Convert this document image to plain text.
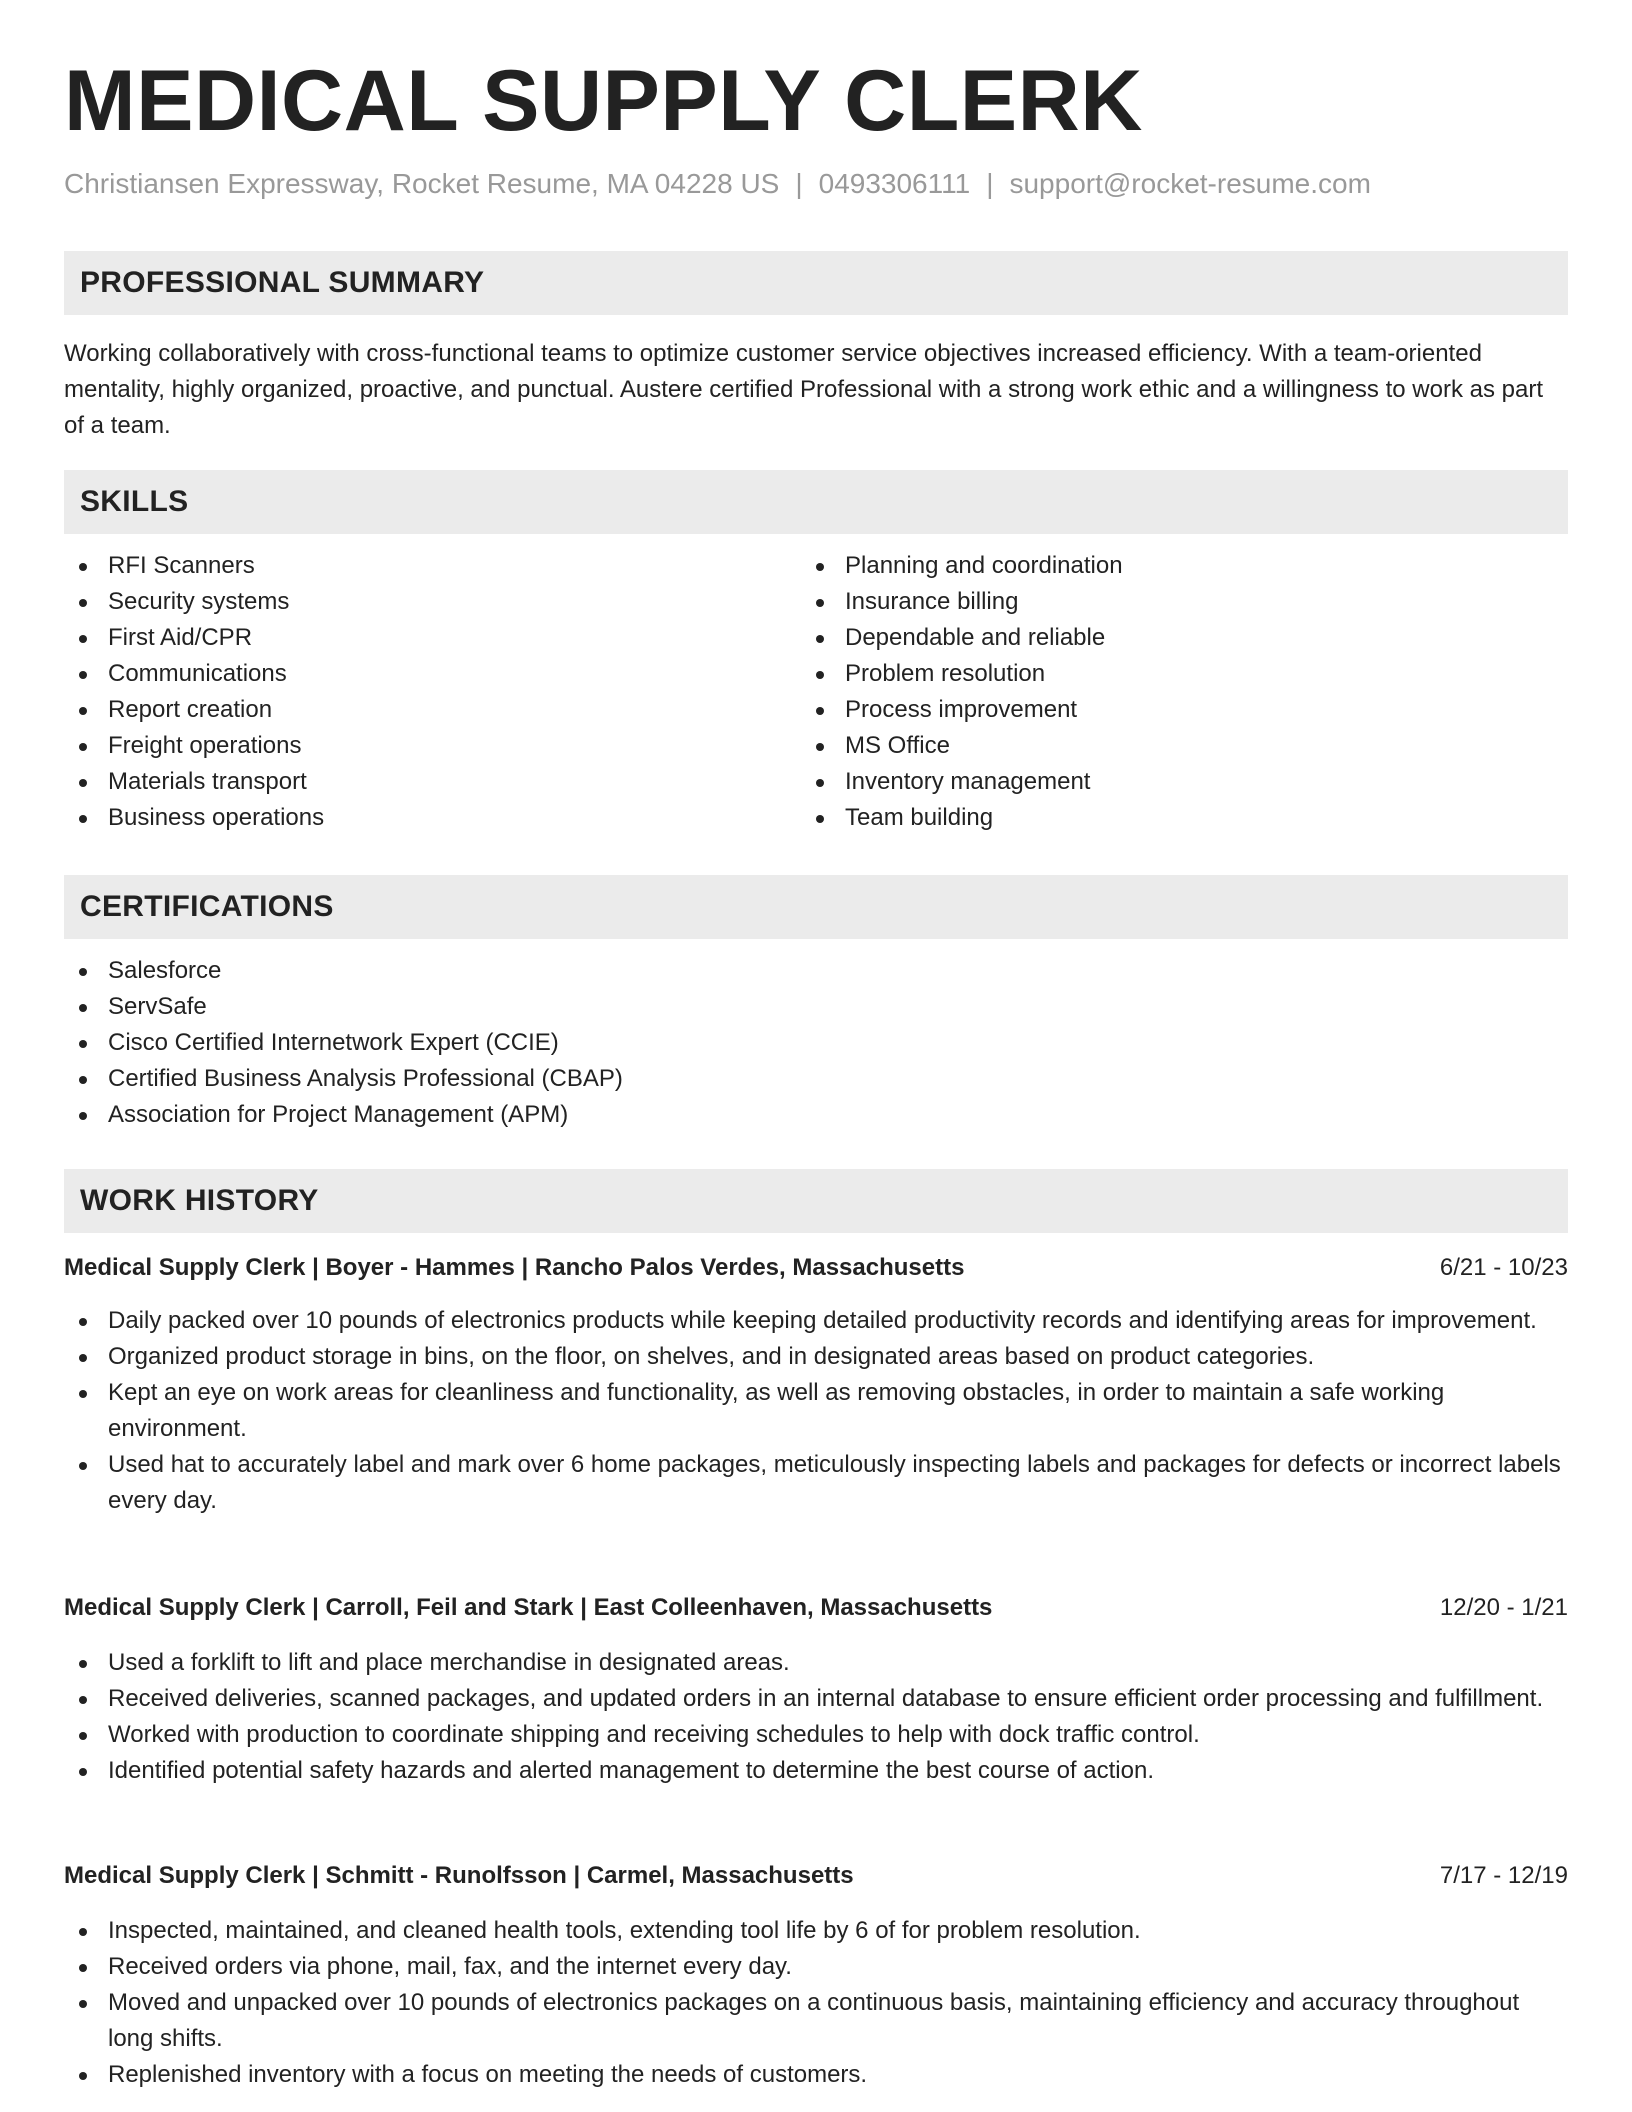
MEDICAL SUPPLY CLERK
Christiansen Expressway, Rocket Resume, MA 04228 US | 0493306111 | support@rocket-resume.com
PROFESSIONAL SUMMARY

Working collaboratively with cross-functional teams to optimize customer service objectives increased efficiency. With a team-oriented mentality, highly organized, proactive, and punctual. Austere certified Professional with a strong work ethic and a willingness to work as part of a team.

SKILLS
RFI Scanners
Security systems
First Aid/CPR
Communications
Report creation
Freight operations
Materials transport
Business operations
Planning and coordination
Insurance billing
Dependable and reliable
Problem resolution
Process improvement
MS Office
Inventory management
Team building
CERTIFICATIONS
Salesforce
ServSafe
Cisco Certified Internetwork Expert (CCIE)
Certified Business Analysis Professional (CBAP)
Association for Project Management (APM)
WORK HISTORY
Medical Supply Clerk | Boyer - Hammes | Rancho Palos Verdes, Massachusetts	6/21 - 10/23
Daily packed over 10 pounds of electronics products while keeping detailed productivity records and identifying areas for improvement.
Organized product storage in bins, on the floor, on shelves, and in designated areas based on product categories.
Kept an eye on work areas for cleanliness and functionality, as well as removing obstacles, in order to maintain a safe working environment.
Used hat to accurately label and mark over 6 home packages, meticulously inspecting labels and packages for defects or incorrect labels every day.
Medical Supply Clerk | Carroll, Feil and Stark | East Colleenhaven, Massachusetts	12/20 - 1/21
Used a forklift to lift and place merchandise in designated areas.
Received deliveries, scanned packages, and updated orders in an internal database to ensure efficient order processing and fulfillment.
Worked with production to coordinate shipping and receiving schedules to help with dock traffic control.
Identified potential safety hazards and alerted management to determine the best course of action.
Medical Supply Clerk | Schmitt - Runolfsson | Carmel, Massachusetts	7/17 - 12/19
Inspected, maintained, and cleaned health tools, extending tool life by 6 of for problem resolution.
Received orders via phone, mail, fax, and the internet every day.
Moved and unpacked over 10 pounds of electronics packages on a continuous basis, maintaining efficiency and accuracy throughout long shifts.
Replenished inventory with a focus on meeting the needs of customers.
